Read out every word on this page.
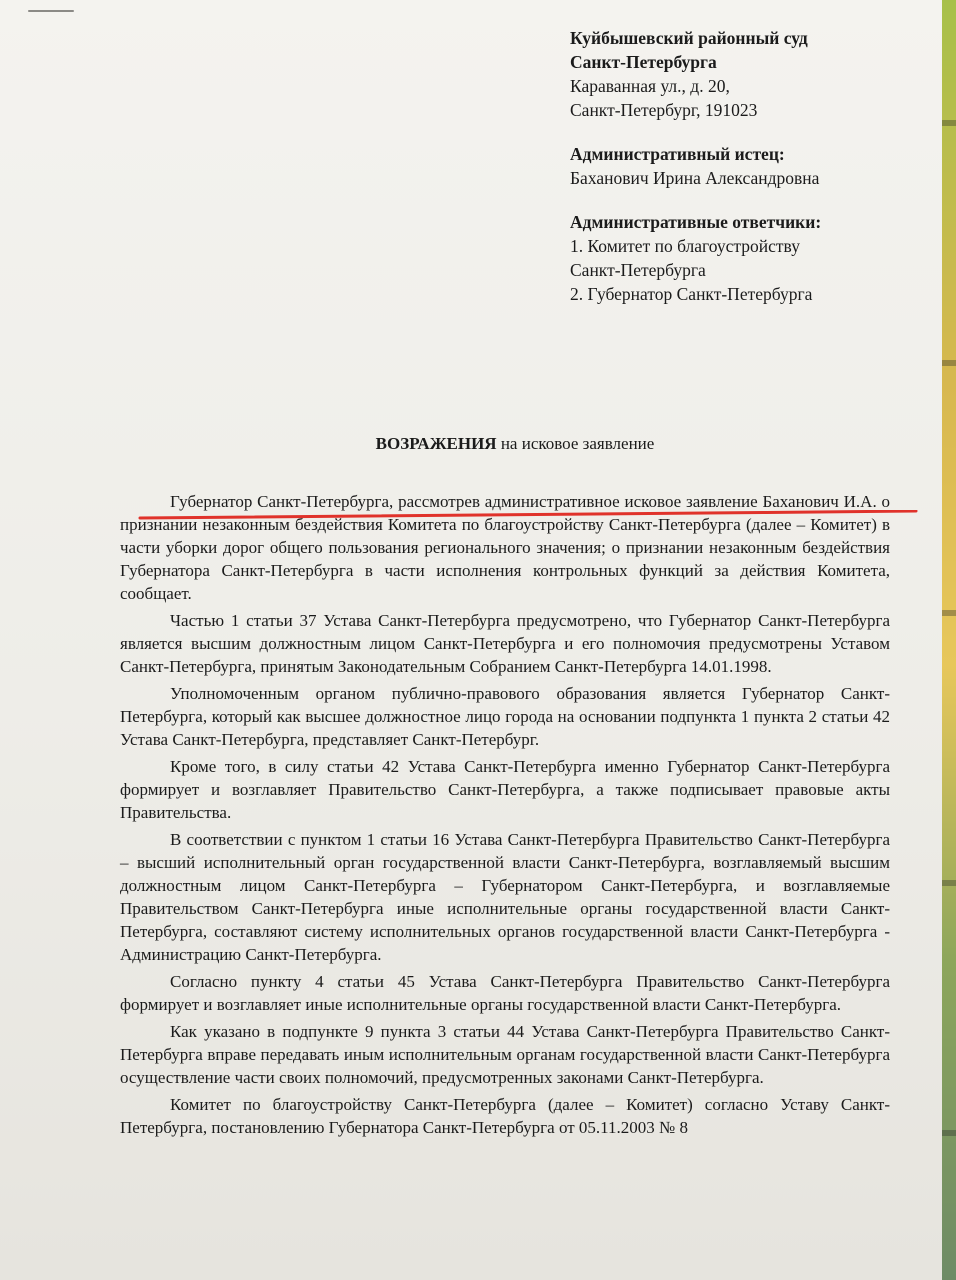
Куйбышевский районный суд
Санкт-Петербурга
Караванная ул., д. 20,
Санкт-Петербург, 191023
Административный истец:
Баханович Ирина Александровна
Административные ответчики:
1. Комитет по благоустройству
Санкт-Петербурга
2. Губернатор Санкт-Петербурга
ВОЗРАЖЕНИЯ на исковое заявление

Губернатор Санкт-Петербурга, рассмотрев административное исковое заявление Баханович И.А. о признании незаконным бездействия Комитета по благоустройству Санкт-Петербурга (далее – Комитет) в части уборки дорог общего пользования регионального значения; о признании незаконным бездействия Губернатора Санкт-Петербурга в части исполнения контрольных функций за действия Комитета, сообщает.

Частью 1 статьи 37 Устава Санкт-Петербурга предусмотрено, что Губернатор Санкт-Петербурга является высшим должностным лицом Санкт-Петербурга и его полномочия предусмотрены Уставом Санкт-Петербурга, принятым Законодательным Собранием Санкт-Петербурга 14.01.1998.

Уполномоченным органом публично-правового образования является Губернатор Санкт-Петербурга, который как высшее должностное лицо города на основании подпункта 1 пункта 2 статьи 42 Устава Санкт-Петербурга, представляет Санкт-Петербург.

Кроме того, в силу статьи 42 Устава Санкт-Петербурга именно Губернатор Санкт-Петербурга формирует и возглавляет Правительство Санкт-Петербурга, а также подписывает правовые акты Правительства.

В соответствии с пунктом 1 статьи 16 Устава Санкт-Петербурга Правительство Санкт-Петербурга – высший исполнительный орган государственной власти Санкт-Петербурга, возглавляемый высшим должностным лицом Санкт-Петербурга – Губернатором Санкт-Петербурга, и возглавляемые Правительством Санкт-Петербурга иные исполнительные органы государственной власти Санкт-Петербурга, составляют систему исполнительных органов государственной власти Санкт-Петербурга - Администрацию Санкт-Петербурга.

Согласно пункту 4 статьи 45 Устава Санкт-Петербурга Правительство Санкт-Петербурга формирует и возглавляет иные исполнительные органы государственной власти Санкт-Петербурга.

Как указано в подпункте 9 пункта 3 статьи 44 Устава Санкт-Петербурга Правительство Санкт-Петербурга вправе передавать иным исполнительным органам государственной власти Санкт-Петербурга осуществление части своих полномочий, предусмотренных законами Санкт-Петербурга.

Комитет по благоустройству Санкт-Петербурга (далее – Комитет) согласно Уставу Санкт-Петербурга, постановлению Губернатора Санкт-Петербурга от 05.11.2003 № 8
